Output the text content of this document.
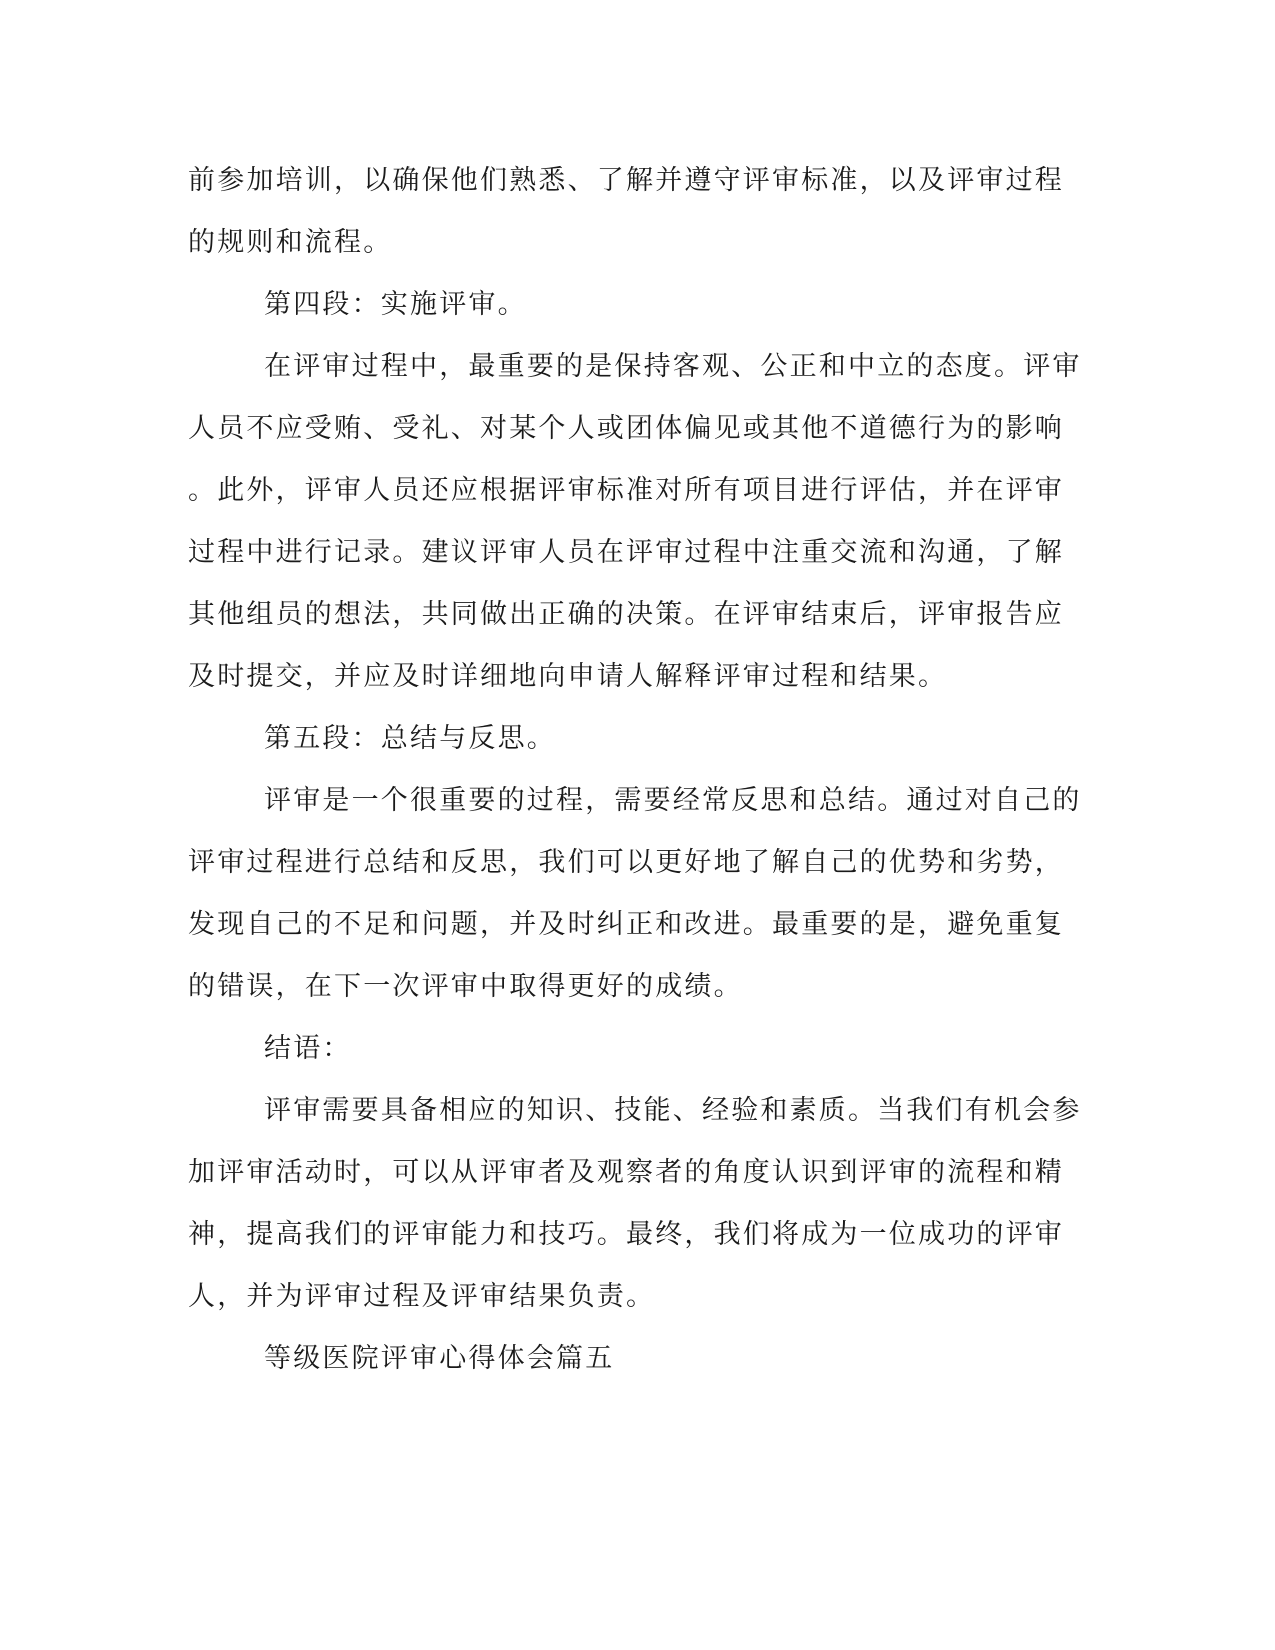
前参加培训，以确保他们熟悉、了解并遵守评审标准，以及评审过程
的规则和流程。
第四段：实施评审。
在评审过程中，最重要的是保持客观、公正和中立的态度。评审
人员不应受贿、受礼、对某个人或团体偏见或其他不道德行为的影响
。此外，评审人员还应根据评审标准对所有项目进行评估，并在评审
过程中进行记录。建议评审人员在评审过程中注重交流和沟通，了解
其他组员的想法，共同做出正确的决策。在评审结束后，评审报告应
及时提交，并应及时详细地向申请人解释评审过程和结果。
第五段：总结与反思。
评审是一个很重要的过程，需要经常反思和总结。通过对自己的
评审过程进行总结和反思，我们可以更好地了解自己的优势和劣势，
发现自己的不足和问题，并及时纠正和改进。最重要的是，避免重复
的错误，在下一次评审中取得更好的成绩。
结语：
评审需要具备相应的知识、技能、经验和素质。当我们有机会参
加评审活动时，可以从评审者及观察者的角度认识到评审的流程和精
神，提高我们的评审能力和技巧。最终，我们将成为一位成功的评审
人，并为评审过程及评审结果负责。
等级医院评审心得体会篇五
